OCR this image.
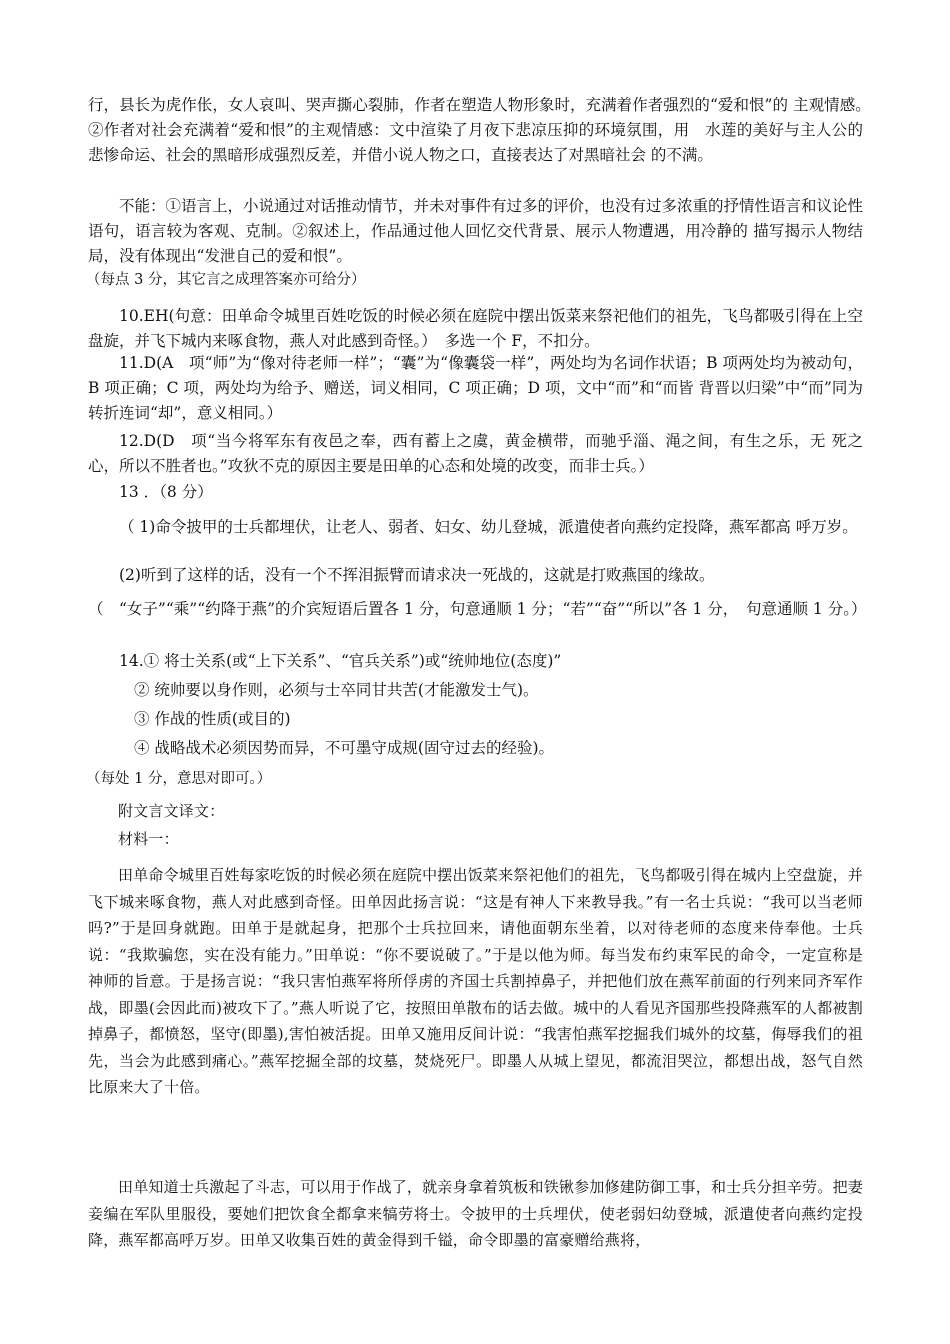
行，县长为虎作伥，女人哀叫、哭声撕心裂肺，作者在塑造人物形象时，充满着作者强烈的“爱和恨”的 主观情感。　 ②作者对社会充满着“爱和恨”的主观情感：文中渲染了月夜下悲凉压抑的环境氛围，用　水莲的美好与主人公的悲惨命运、社会的黑暗形成强烈反差，并借小说人物之口，直接表达了对黑暗社会 的不满。

不能：①语言上，小说通过对话推动情节，并未对事件有过多的评价，也没有过多浓重的抒情性语言和议论性语句，语言较为客观、克制。②叙述上，作品通过他人回忆交代背景、展示人物遭遇，用冷静的 描写揭示人物结局，没有体现出“发泄自己的爱和恨”。

（每点 3 分，其它言之成理答案亦可给分）

10.EH(句意：田单命令城里百姓吃饭的时候必须在庭院中摆出饭菜来祭祀他们的祖先，飞鸟都吸引得在上空盘旋，并飞下城内来啄食物，燕人对此感到奇怪。）　多选一个 F，不扣分。

11.D(A　项“师”为“像对待老师一样”；“囊”为“像囊袋一样”，两处均为名词作状语；B 项两处均为被动句，B 项正确；C 项，两处均为给予、赠送，词义相同，C 项正确；D 项，文中“而”和“而皆 背晋以归梁”中“而”同为转折连词“却”，意义相同。）

12.D(D　项“当今将军东有夜邑之奉，西有蓄上之虞，黄金横带，而驰乎淄、渑之间，有生之乐，无 死之心，所以不胜者也。”攻狄不克的原因主要是田单的心态和处境的改变，而非士兵。）

13 ．（8 分）

（ 1)命令披甲的士兵都埋伏，让老人、弱者、妇女、幼儿登城，派遣使者向燕约定投降，燕军都高 呼万岁。

(2)听到了这样的话，没有一个不挥泪振臂而请求决一死战的，这就是打败燕国的缘故。

（　“女子”“乘”“约降于燕”的介宾短语后置各 1 分，句意通顺 1 分；“若”“奋”“所以”各 1 分，　句意通顺 1 分。）

14.① 将士关系(或“上下关系”、“官兵关系”)或“统帅地位(态度)”

② 统帅要以身作则，必须与士卒同甘共苦(才能激发士气)。

③ 作战的性质(或目的)

④ 战略战术必须因势而异，不可墨守成规(固守过去的经验)。

（每处 1 分，意思对即可。）

附文言文译文：

材料一：

田单命令城里百姓每家吃饭的时候必须在庭院中摆出饭菜来祭祀他们的祖先，飞鸟都吸引得在城内上空盘旋，并飞下城来啄食物，燕人对此感到奇怪。田单因此扬言说：“这是有神人下来教导我。”有一名士兵说：“我可以当老师吗?”于是回身就跑。田单于是就起身，把那个士兵拉回来，请他面朝东坐着，以对待老师的态度来侍奉他。士兵说：“我欺骗您，实在没有能力。”田单说：“你不要说破了。”于是以他为师。每当发布约束军民的命令，一定宣称是神师的旨意。于是扬言说：“我只害怕燕军将所俘虏的齐国士兵割掉鼻子，并把他们放在燕军前面的行列来同齐军作战，即墨(会因此而)被攻下了。”燕人听说了它，按照田单散布的话去做。城中的人看见齐国那些投降燕军的人都被割掉鼻子，都愤怒，坚守(即墨),害怕被活捉。田单又施用反间计说：“我害怕燕军挖掘我们城外的坟墓，侮辱我们的祖先，当会为此感到痛心。”燕军挖掘全部的坟墓，焚烧死尸。即墨人从城上望见，都流泪哭泣，都想出战，怒气自然比原来大了十倍。

田单知道士兵激起了斗志，可以用于作战了，就亲身拿着筑板和铁锹参加修建防御工事，和士兵分担辛劳。把妻妾编在军队里服役，要她们把饮食全都拿来犒劳将士。令披甲的士兵埋伏，使老弱妇幼登城，派遣使者向燕约定投降，燕军都高呼万岁。田单又收集百姓的黄金得到千镒，命令即墨的富豪赠给燕将，
